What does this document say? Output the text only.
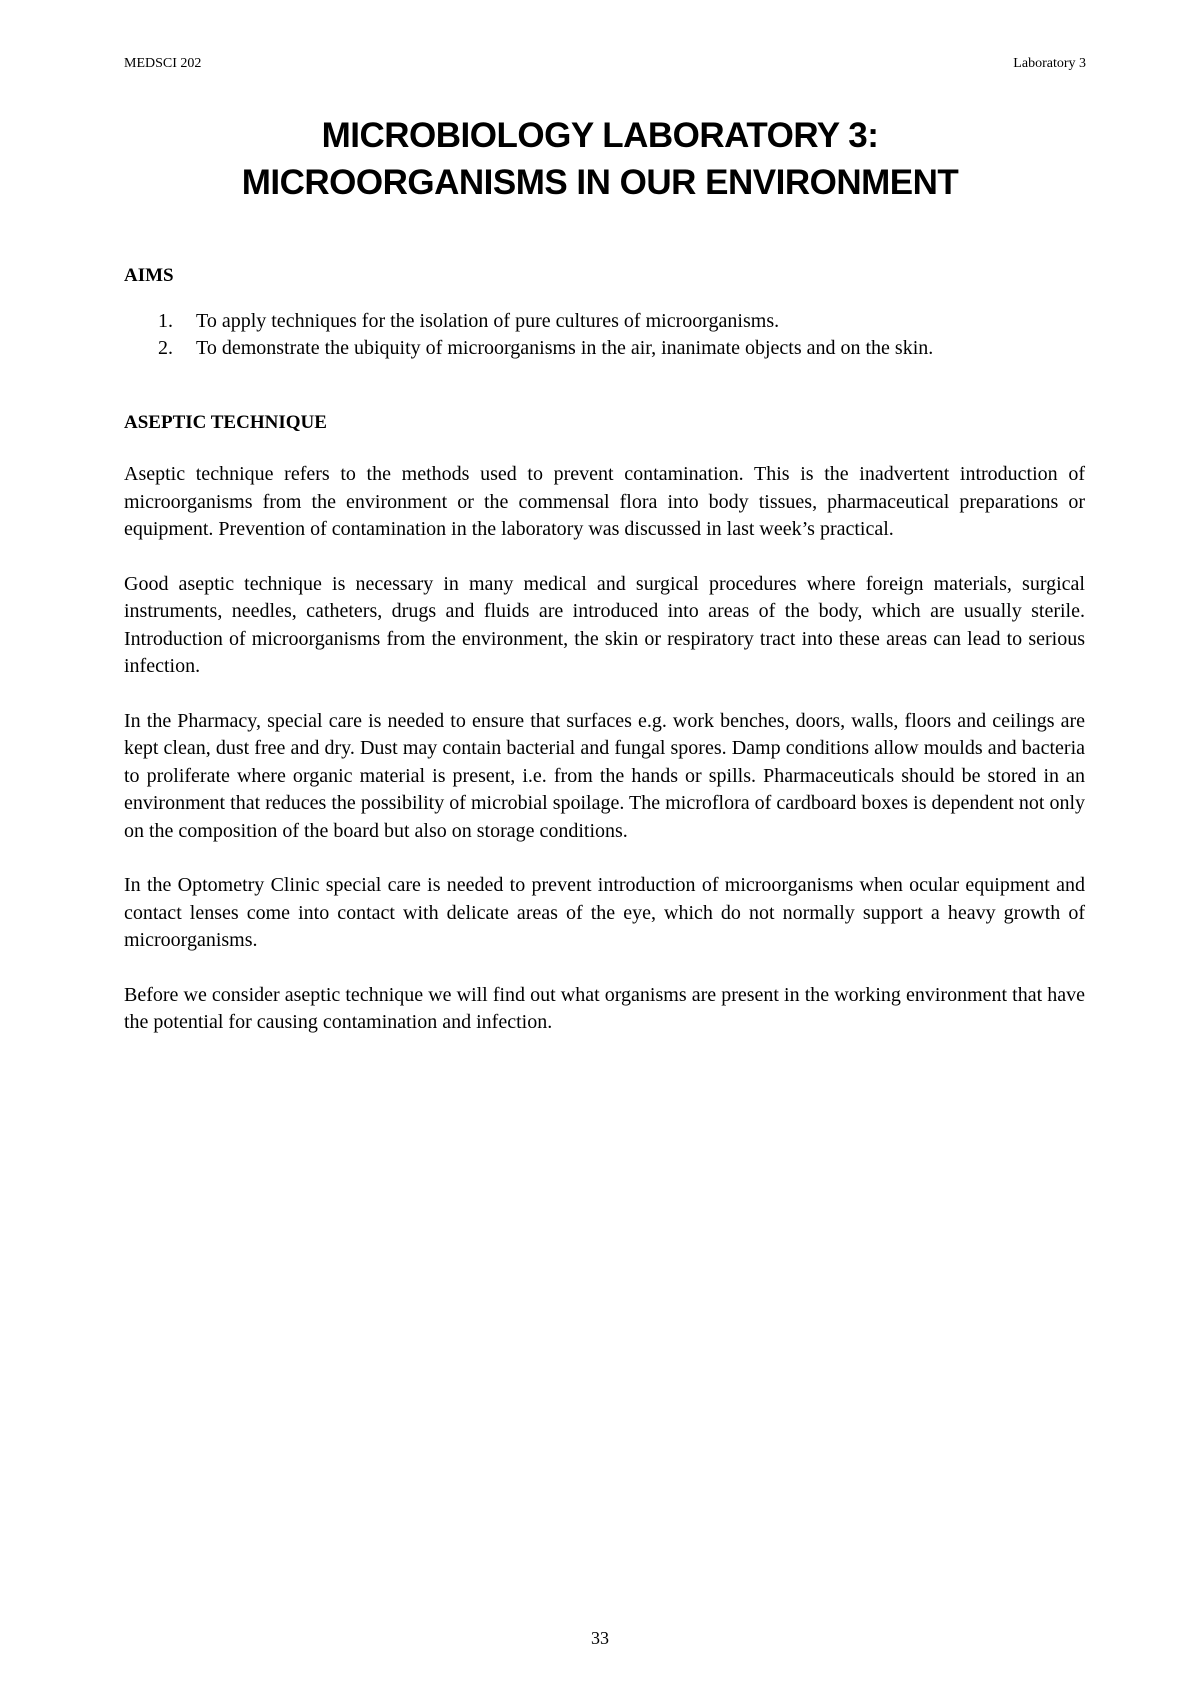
MEDSCI 202	Laboratory 3
MICROBIOLOGY LABORATORY 3:
MICROORGANISMS IN OUR ENVIRONMENT
AIMS
1.	To apply techniques for the isolation of pure cultures of microorganisms.
2.	To demonstrate the ubiquity of microorganisms in the air, inanimate objects and on the skin.
ASEPTIC TECHNIQUE

Aseptic technique refers to the methods used to prevent contamination. This is the inadvertent introduction of microorganisms from the environment or the commensal flora into body tissues, pharmaceutical preparations or equipment. Prevention of contamination in the laboratory was discussed in last week’s practical.

Good aseptic technique is necessary in many medical and surgical procedures where foreign materials, surgical instruments, needles, catheters, drugs and fluids are introduced into areas of the body, which are usually sterile. Introduction of microorganisms from the environment, the skin or respiratory tract into these areas can lead to serious infection.

In the Pharmacy, special care is needed to ensure that surfaces e.g. work benches, doors, walls, floors and ceilings are kept clean, dust free and dry. Dust may contain bacterial and fungal spores. Damp conditions allow moulds and bacteria to proliferate where organic material is present, i.e. from the hands or spills. Pharmaceuticals should be stored in an environment that reduces the possibility of microbial spoilage. The microflora of cardboard boxes is dependent not only on the composition of the board but also on storage conditions.

In the Optometry Clinic special care is needed to prevent introduction of microorganisms when ocular equipment and contact lenses come into contact with delicate areas of the eye, which do not normally support a heavy growth of microorganisms.

Before we consider aseptic technique we will find out what organisms are present in the working environment that have the potential for causing contamination and infection.

33
